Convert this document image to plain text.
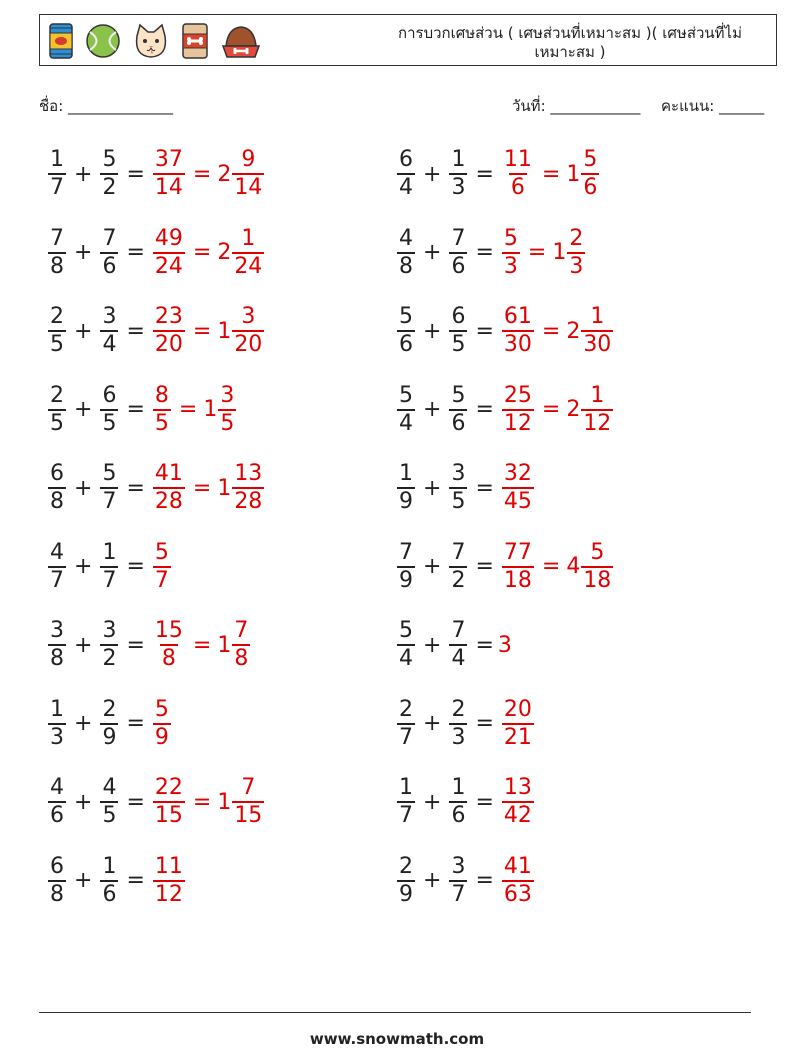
การบวกเศษส่วน ( เศษส่วนที่เหมาะสม )( เศษส่วนที่ไม่เหมาะสม )
ชื่อ: ______________	วันที่: ____________ คะแนน: ______
$\frac{1}{7} + \frac{5}{2} = \frac{37}{14} = 2 \frac{9}{14}$	$\frac{6}{4} + \frac{1}{3} = \frac{11}{6} = 1 \frac{5}{6}$
$\frac{7}{8} + \frac{7}{6} = \frac{49}{24} = 2 \frac{1}{24}$	$\frac{4}{8} + \frac{7}{6} = \frac{5}{3} = 1 \frac{2}{3}$
$\frac{2}{5} + \frac{3}{4} = \frac{23}{20} = 1 \frac{3}{20}$	$\frac{5}{6} + \frac{6}{5} = \frac{61}{30} = 2 \frac{1}{30}$
$\frac{2}{5} + \frac{6}{5} = \frac{8}{5} = 1 \frac{3}{5}$	$\frac{5}{4} + \frac{5}{6} = \frac{25}{12} = 2 \frac{1}{12}$
$\frac{6}{8} + \frac{5}{7} = \frac{41}{28} = 1 \frac{13}{28}$	$\frac{1}{9} + \frac{3}{5} = \frac{32}{45}$
$\frac{4}{7} + \frac{1}{7} = \frac{5}{7}$	$\frac{7}{9} + \frac{7}{2} = \frac{77}{18} = 4 \frac{5}{18}$
$\frac{3}{8} + \frac{3}{2} = \frac{15}{8} = 1 \frac{7}{8}$	$\frac{5}{4} + \frac{7}{4} = 3$
$\frac{1}{3} + \frac{2}{9} = \frac{5}{9}$	$\frac{2}{7} + \frac{2}{3} = \frac{20}{21}$
$\frac{4}{6} + \frac{4}{5} = \frac{22}{15} = 1 \frac{7}{15}$	$\frac{1}{7} + \frac{1}{6} = \frac{13}{42}$
$\frac{6}{8} + \frac{1}{6} = \frac{11}{12}$	$\frac{2}{9} + \frac{3}{7} = \frac{41}{63}$
www.snowmath.com
